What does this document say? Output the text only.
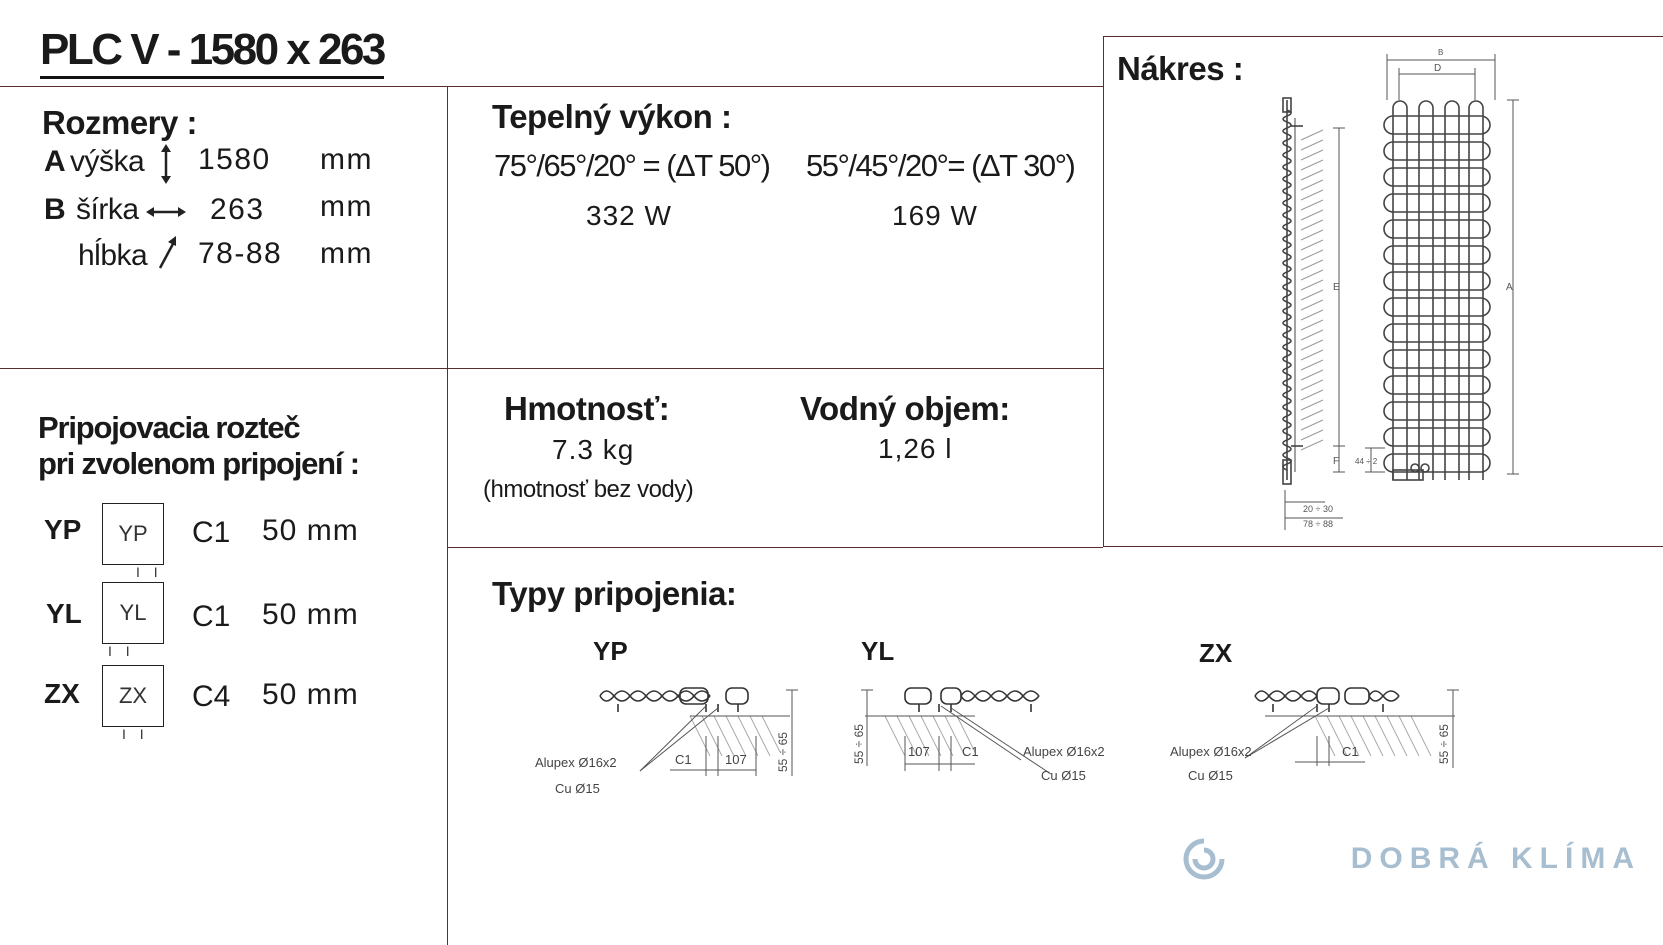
PLC V - 1580 x 263
Rozmery :
A výška 1580 mm
B šírka 263 mm
hĺbka 78-88 mm
Tepelný výkon :
75°/65°/20° = (ΔT 50°) 55°/45°/20°= (ΔT 30°)
332 W	169 W
Hmotnosť:
7.3 kg
(hmotnosť bez vody)
Vodný objem:
1,26 l
Nákres :
E
F
20 ÷ 30
78 ÷ 88
B
D
A
44 ÷ 2
Pripojovacia rozteč
pri zvolenom pripojení :
YP	YP
I I
C1 50 mm
YL	YL
I I
C1 50 mm
ZX	ZX
I I
C4 50 mm
Typy pripojenia:
YP	YL	ZX
Alupex Ø16x2
Cu Ø15
C1	107 55 ÷ 65	55 ÷ 65	107 C1	Alupex Ø16x2
Cu Ø15
Alupex Ø16x2
Cu Ø15
C1	55 ÷ 65
DOBRÁ KLÍMA
